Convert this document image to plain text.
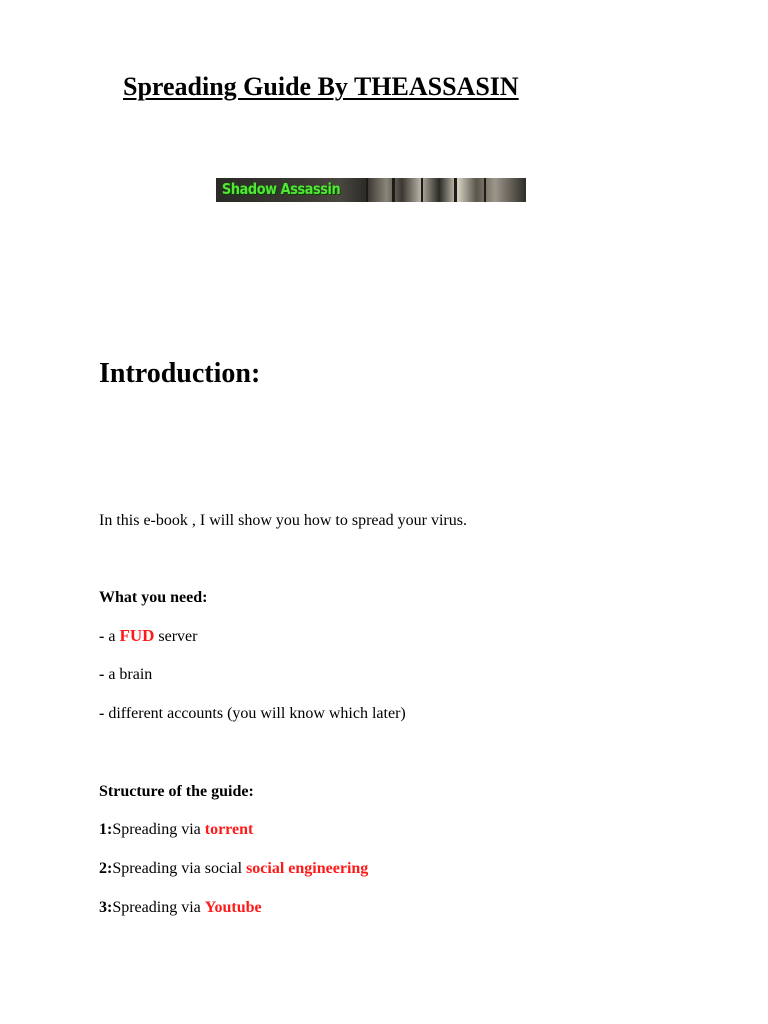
Spreading Guide By THEASSASIN
Shadow Assassin
Introduction:
In this e-book , I will show you how to spread your virus.
What you need:
- a FUD server
- a brain
- different accounts (you will know which later)
Structure of the guide:
1:Spreading via torrent
2:Spreading via social social engineering
3:Spreading via Youtube
